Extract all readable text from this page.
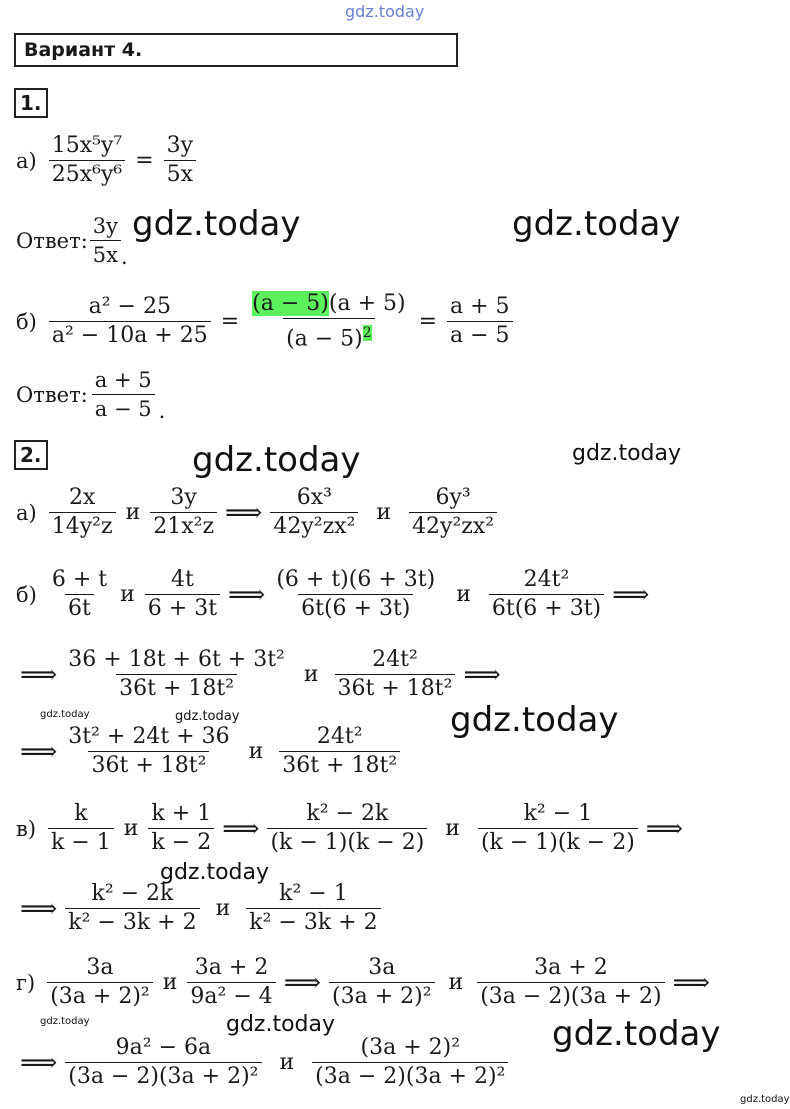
gdz.today
gdz.today	gdz.today
gdz.today	gdz.today
gdz.today	gdz.today	gdz.today
gdz.today
gdz.today	gdz.today	gdz.today
gdz.today
Вариант 4.
1.
$а) \frac{\text{15x⁵y⁷}}{\text{25x⁶y⁶}} = \frac{3y}{5x}$
Ответ: $\frac{3y}{5x}$ .
$б) \frac{\text{a² − 25}}{\text{a² − 10a + 25}} = \frac{(a - 5)(a + 5)}{(a - 5)^2} = \frac{a + 5}{a - 5}$
Ответ: $\frac{a + 5}{a - 5}$ .
2.
$а) \frac{2x}{\text{14y²z}}$ и $\frac{3y}{\text{21x²z}}$ ⟹ $\frac{\text{6x³}}{\text{42y²zx²}}$ и $\frac{\text{6y³}}{\text{42y²zx²}}$
$б) \frac{6 + t}{6t}$ и $\frac{4t}{6 + 3t}$ ⟹ $\frac{(6 + t)(6 + 3t)}{6t(6 + 3t)}$ и $\frac{\text{24t²}}{6t(6 + 3t)}$ ⟹
⟹ $\frac{\text{36 + 18t + 6t + 3t²}}{\text{36t + 18t²}}$ и $\frac{\text{24t²}}{\text{36t + 18t²}}$ ⟹
⟹ $\frac{\text{3t² + 24t + 36}}{\text{36t + 18t²}}$ и $\frac{\text{24t²}}{\text{36t + 18t²}}$
$в) \frac{k}{k - 1}$ и $\frac{k + 1}{k - 2}$ ⟹ $\frac{\text{k² − 2k}}{(k - 1)(k - 2)}$ и $\frac{\text{k² − 1}}{(k - 1)(k - 2)}$ ⟹
⟹ $\frac{\text{k² − 2k}}{\text{k² − 3k + 2}}$ и $\frac{\text{k² − 1}}{\text{k² − 3k + 2}}$
$г) \frac{3a}{\text{(3a + 2)²}}$ и $\frac{3a + 2}{\text{9a² − 4}}$ ⟹ $\frac{3a}{\text{(3a + 2)²}}$ и $\frac{3a + 2}{(3a - 2)(3a + 2)}$ ⟹
⟹ $\frac{\text{9a² − 6a}}{\text{(3a − 2)(3a + 2)²}}$ и $\frac{\text{(3a + 2)²}}{\text{(3a − 2)(3a + 2)²}}$
